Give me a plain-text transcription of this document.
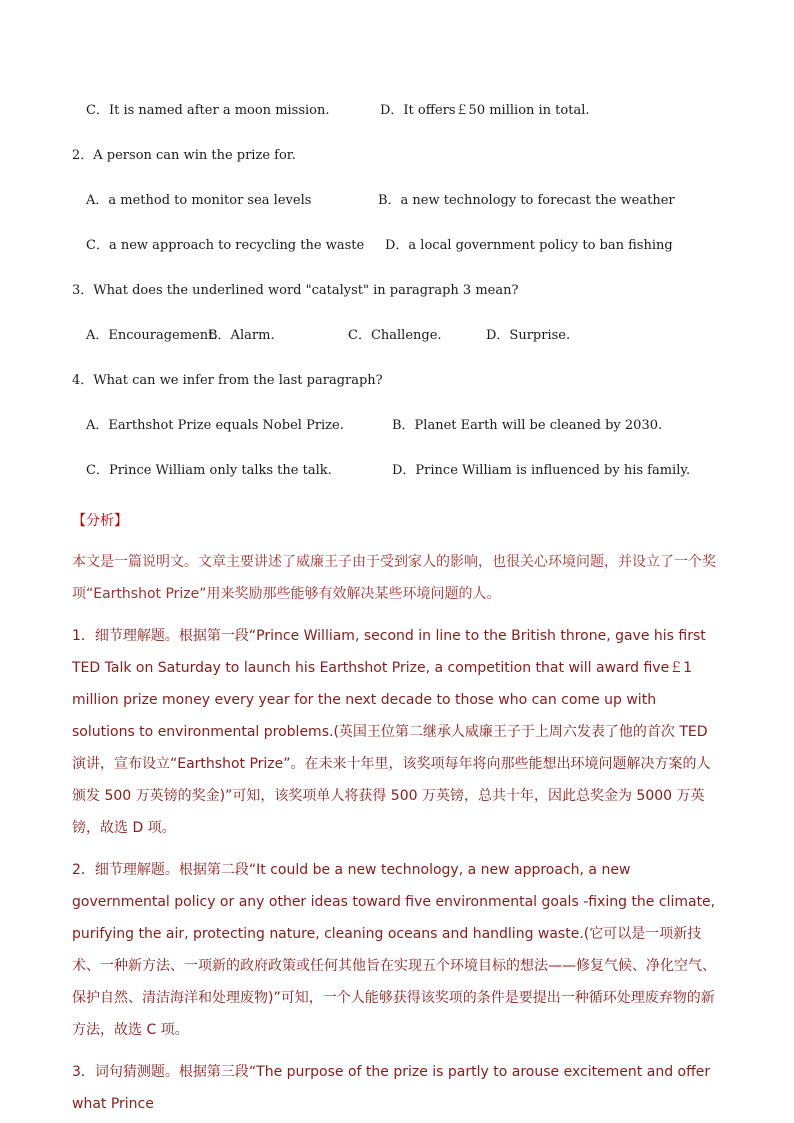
C．It is named after a moon mission.	D．It offers￡50 million in total.
2．A person can win the prize for.
A．a method to monitor sea levels	B．a new technology to forecast the weather
C．a new approach to recycling the waste D．a local government policy to ban fishing
3．What does the underlined word "catalyst" in paragraph 3 mean?
A．Encouragement.
B．Alarm.	C．Challenge.	D．Surprise.
4．What can we infer from the last paragraph?
A．Earthshot Prize equals Nobel Prize.	B．Planet Earth will be cleaned by 2030.
C．Prince William only talks the talk.	D．Prince William is influenced by his family.
【分析】

本文是一篇说明文。文章主要讲述了威廉王子由于受到家人的影响，也很关心环境问题，并设立了一个奖项“Earthshot Prize”用来奖励那些能够有效解决某些环境问题的人。

1．细节理解题。根据第一段“Prince William, second in line to the British throne, gave his first TED Talk on Saturday to launch his Earthshot Prize, a competition that will award five￡1 million prize money every year for the next decade to those who can come up with solutions to environmental problems.(英国王位第二继承人威廉王子于上周六发表了他的首次 TED 演讲，宣布设立“Earthshot Prize”。在未来十年里，该奖项每年将向那些能想出环境问题解决方案的人颁发 500 万英镑的奖金)”可知，该奖项单人将获得 500 万英镑，总共十年，因此总奖金为 5000 万英镑，故选 D 项。

2．细节理解题。根据第二段“It could be a new technology, a new approach, a new governmental policy or any other ideas toward five environmental goals -fixing the climate, purifying the air, protecting nature, cleaning oceans and handling waste.(它可以是一项新技术、一种新方法、一项新的政府政策或任何其他旨在实现五个环境目标的想法——修复气候、净化空气、保护自然、清洁海洋和处理废物)”可知，一个人能够获得该奖项的条件是要提出一种循环处理废弃物的新方法，故选 C 项。

3．词句猜测题。根据第三段“The purpose of the prize is partly to arouse excitement and offer what Prince
